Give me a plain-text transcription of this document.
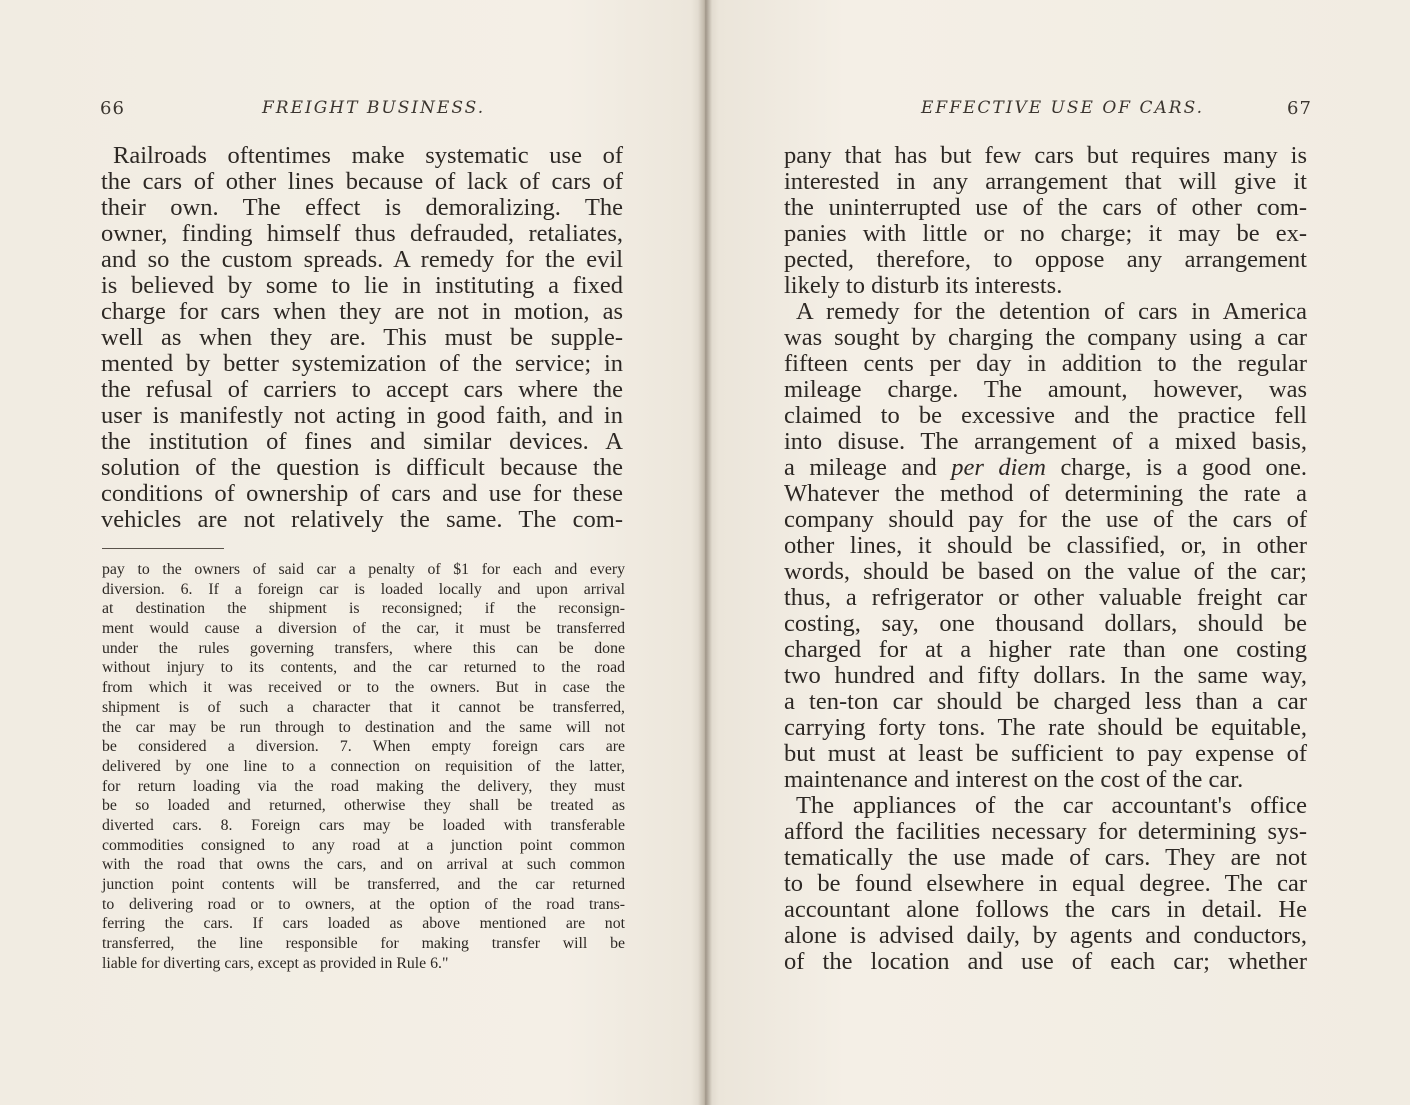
66	FREIGHT BUSINESS.
Railroads oftentimes make systematic use of
the cars of other lines because of lack of cars of
their own. The effect is demoralizing. The
owner, finding himself thus defrauded, retaliates,
and so the custom spreads. A remedy for the evil
is believed by some to lie in instituting a fixed
charge for cars when they are not in motion, as
well as when they are. This must be supple-
mented by better systemization of the service; in
the refusal of carriers to accept cars where the
user is manifestly not acting in good faith, and in
the institution of fines and similar devices. A
solution of the question is difficult because the
conditions of ownership of cars and use for these
vehicles are not relatively the same. The com-
pay to the owners of said car a penalty of $1 for each and every
diversion. 6. If a foreign car is loaded locally and upon arrival
at destination the shipment is reconsigned; if the reconsign-
ment would cause a diversion of the car, it must be transferred
under the rules governing transfers, where this can be done
without injury to its contents, and the car returned to the road
from which it was received or to the owners. But in case the
shipment is of such a character that it cannot be transferred,
the car may be run through to destination and the same will not
be considered a diversion. 7. When empty foreign cars are
delivered by one line to a connection on requisition of the latter,
for return loading via the road making the delivery, they must
be so loaded and returned, otherwise they shall be treated as
diverted cars. 8. Foreign cars may be loaded with transferable
commodities consigned to any road at a junction point common
with the road that owns the cars, and on arrival at such common
junction point contents will be transferred, and the car returned
to delivering road or to owners, at the option of the road trans-
ferring the cars. If cars loaded as above mentioned are not
transferred, the line responsible for making transfer will be
liable for diverting cars, except as provided in Rule 6."
EFFECTIVE USE OF CARS.	67
pany that has but few cars but requires many is
interested in any arrangement that will give it
the uninterrupted use of the cars of other com-
panies with little or no charge; it may be ex-
pected, therefore, to oppose any arrangement
likely to disturb its interests.
A remedy for the detention of cars in America
was sought by charging the company using a car
fifteen cents per day in addition to the regular
mileage charge. The amount, however, was
claimed to be excessive and the practice fell
into disuse. The arrangement of a mixed basis,
a mileage and per diem charge, is a good one.
Whatever the method of determining the rate a
company should pay for the use of the cars of
other lines, it should be classified, or, in other
words, should be based on the value of the car;
thus, a refrigerator or other valuable freight car
costing, say, one thousand dollars, should be
charged for at a higher rate than one costing
two hundred and fifty dollars. In the same way,
a ten-ton car should be charged less than a car
carrying forty tons. The rate should be equitable,
but must at least be sufficient to pay expense of
maintenance and interest on the cost of the car.
The appliances of the car accountant's office
afford the facilities necessary for determining sys-
tematically the use made of cars. They are not
to be found elsewhere in equal degree. The car
accountant alone follows the cars in detail. He
alone is advised daily, by agents and conductors,
of the location and use of each car; whether
